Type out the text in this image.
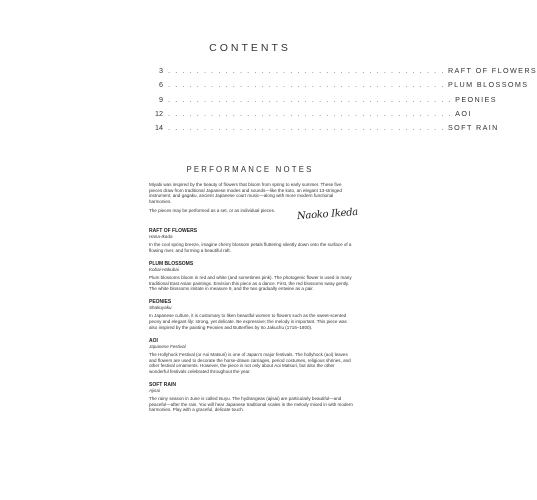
CONTENTS
3 . . . . . . . . . . . . . . . . . . . . . . . . . . . . . . . . . . . . . . . RAFT OF FLOWERS
6 . . . . . . . . . . . . . . . . . . . . . . . . . . . . . . . . . . . . . . . PLUM BLOSSOMS
9 . . . . . . . . . . . . . . . . . . . . . . . . . . . . . . . . . . . . . . . . PEONIES
12 . . . . . . . . . . . . . . . . . . . . . . . . . . . . . . . . . . . . . . . . AOI
14 . . . . . . . . . . . . . . . . . . . . . . . . . . . . . . . . . . . . . . . SOFT RAIN
PERFORMANCE NOTES
Naoko Ikeda

Miyabi was inspired by the beauty of flowers that bloom from spring to early summer. These five pieces draw from traditional Japanese modes and sounds—like the koto, an elegant 13-stringed instrument, and gagaku, ancient Japanese court music—along with more modern functional harmonies.

The pieces may be performed as a set, or as individual pieces.

RAFT OF FLOWERS
Hana-Ikada

In the cool spring breeze, imagine cherry blossom petals fluttering silently down onto the surface of a flowing river, and forming a beautiful raft.

PLUM BLOSSOMS
Kobai-Hakubai

Plum blossoms bloom in red and white (and sometimes pink). The photogenic flower is used in many traditional East Asian paintings. Envision this piece as a dance. First, the red blossoms sway gently. The white blossoms imitate in measure 9, and the two gradually entwine as a pair.

PEONIES
Shakuyaku

In Japanese culture, it is customary to liken beautiful women to flowers such as the sweet-scented peony and elegant lily: strong, yet delicate. Be expressive; the melody is important. This piece was also inspired by the painting Peonies and Butterflies by Ito Jakuchu (1716–1800).

AOI
Japanese Festival

The Hollyhock Festival (or Aoi Matsuri) is one of Japan’s major festivals. The hollyhock (aoi) leaves and flowers are used to decorate the horse-drawn carriages, period costumes, religious shrines, and other festival ornaments. However, the piece is not only about Aoi Matsuri, but also the other wonderful festivals celebrated throughout the year.

SOFT RAIN
Ajisai

The rainy season in June is called tsuyu. The hydrangeas (ajisai) are particularly beautiful—and peaceful—after the rain. You will hear Japanese traditional scales in the melody mixed in with modern harmonies. Play with a graceful, delicate touch.
